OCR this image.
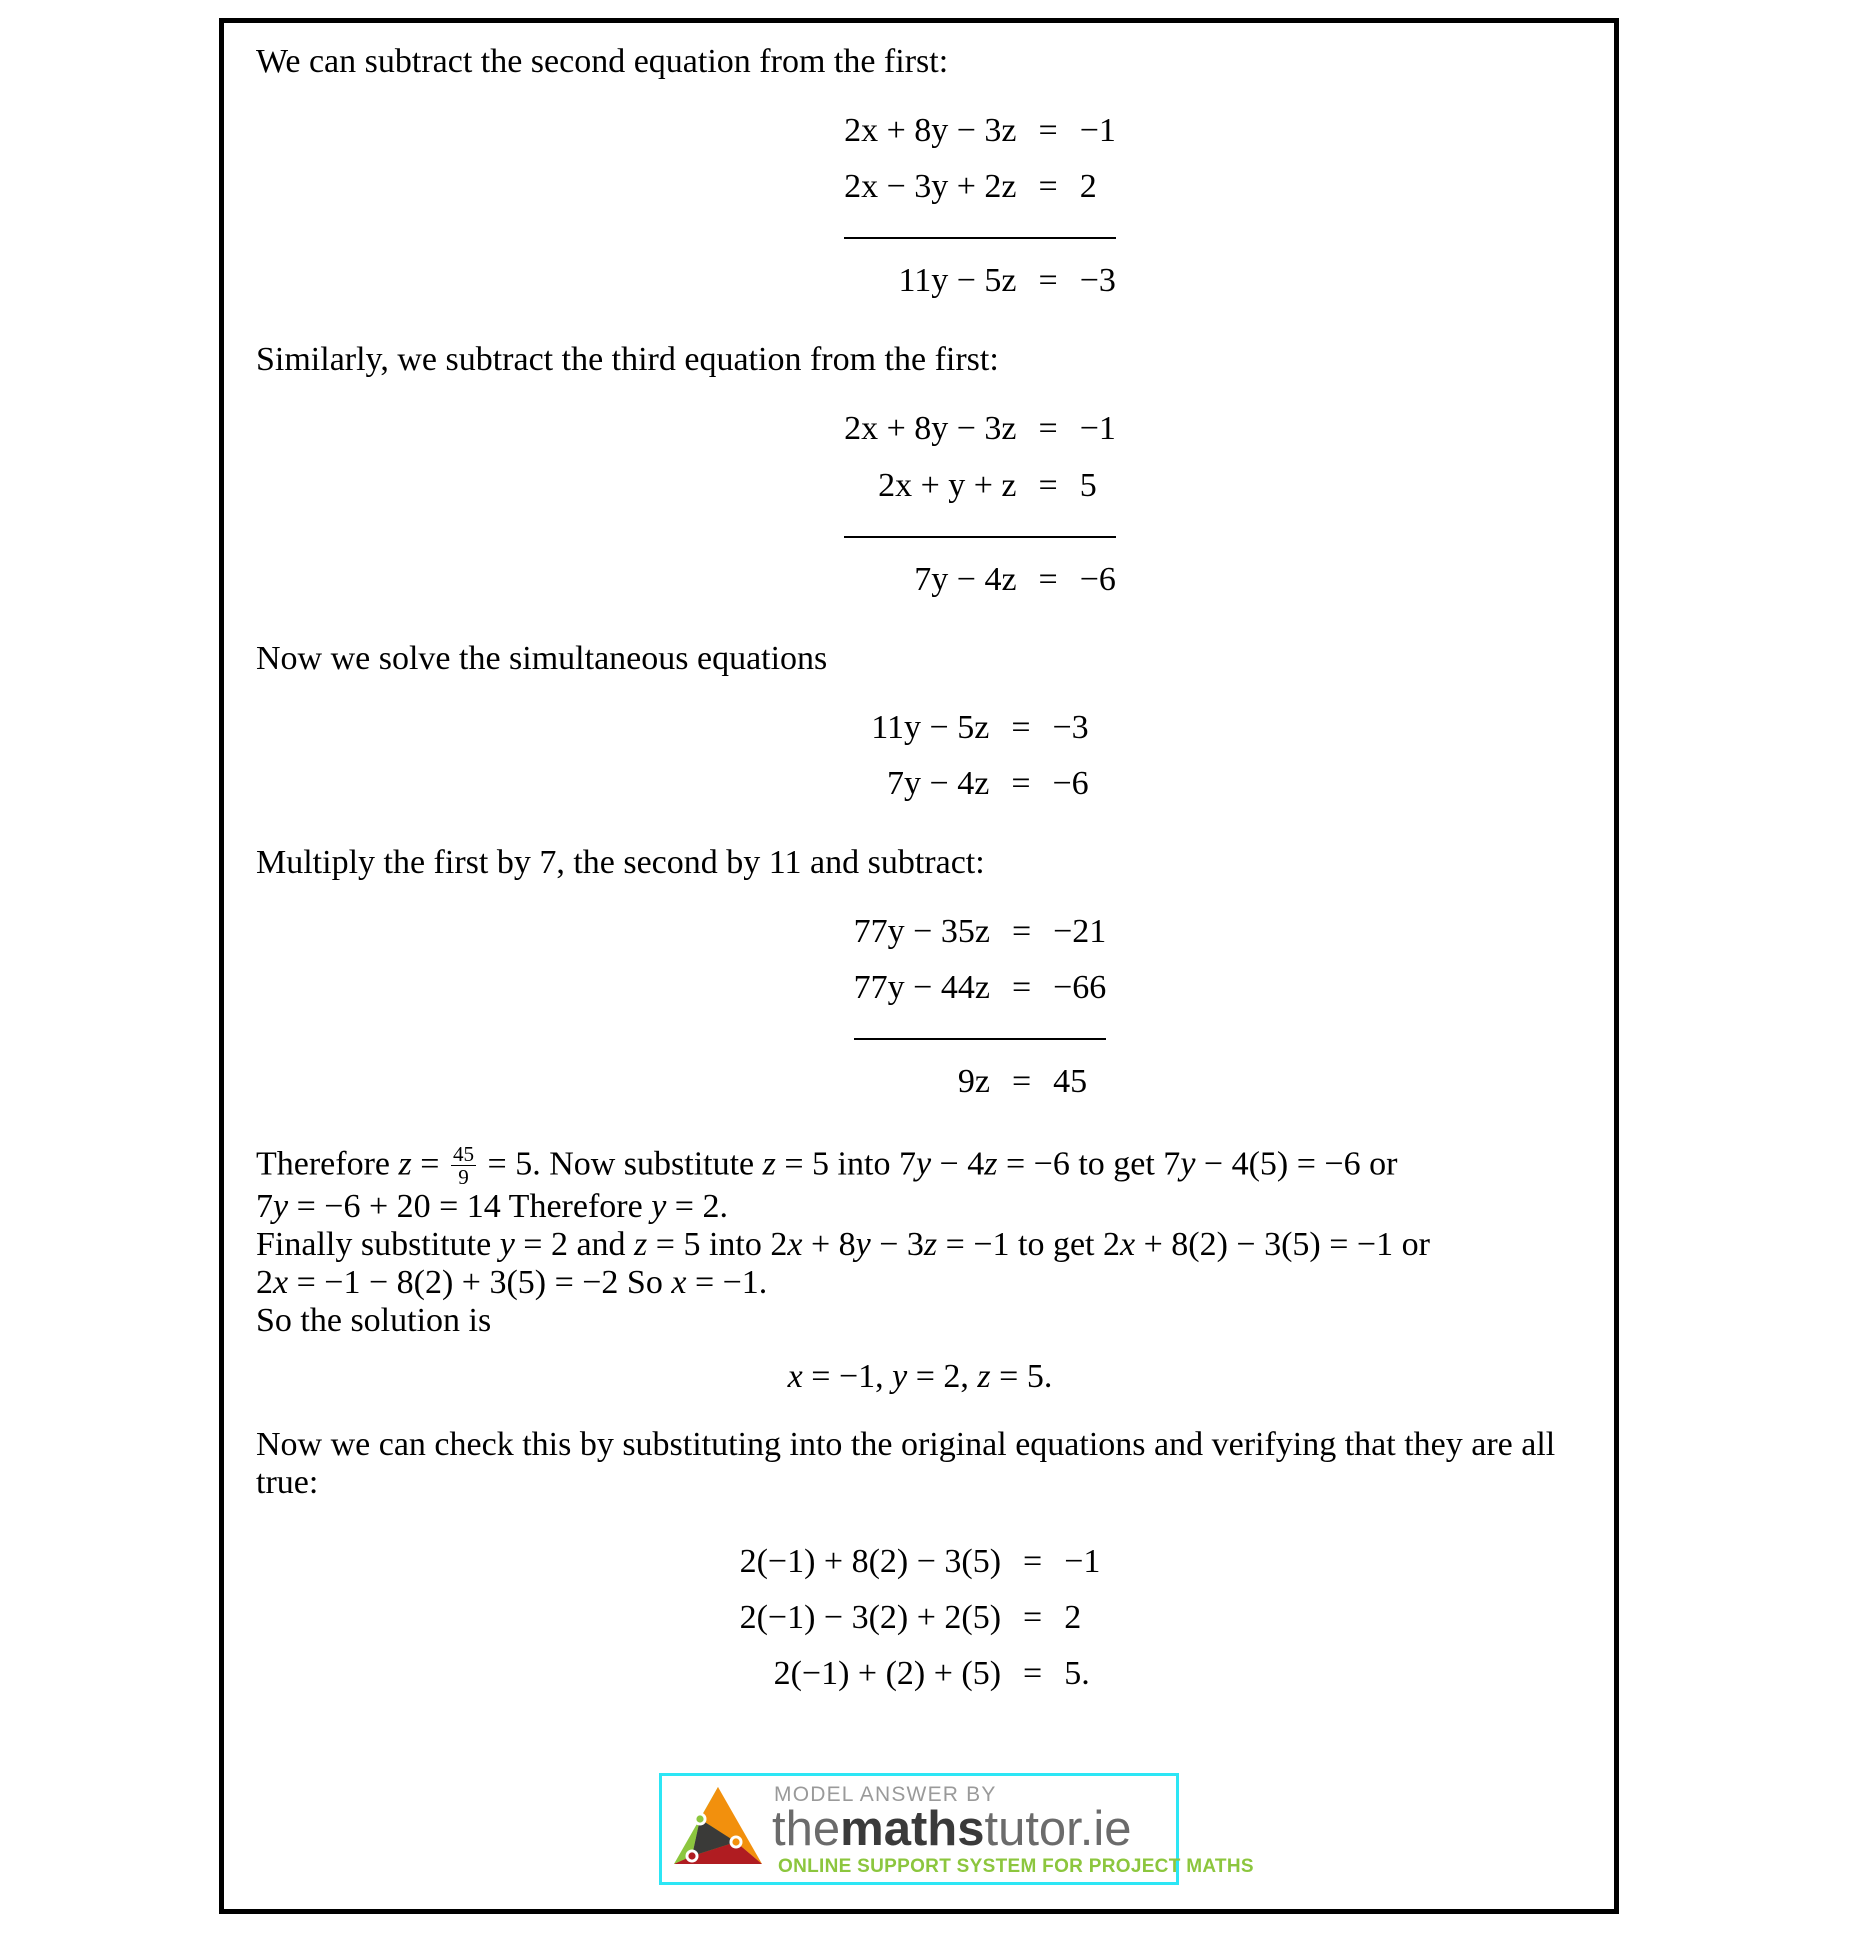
We can subtract the second equation from the first:

2x + 8y − 3z = −1
2x − 3y + 2z = 2
11y − 5z = −3

Similarly, we subtract the third equation from the first:

2x + 8y − 3z = −1
2x + y + z = 5
7y − 4z = −6

Now we solve the simultaneous equations

11y − 5z = −3
7y − 4z = −6

Multiply the first by 7, the second by 11 and subtract:

77y − 35z = −21
77y − 44z = −66
9z = 45

Therefore $z = \frac{45}{9} = 5$. Now substitute z = 5 into 7y − 4z = −6 to get 7y − 4(5) = −6 or

7y = −6 + 20 = 14 Therefore y = 2.

Finally substitute y = 2 and z = 5 into 2x + 8y − 3z = −1 to get 2x + 8(2) − 3(5) = −1 or

2x = −1 − 8(2) + 3(5) = −2 So x = −1.

So the solution is

x = −1, y = 2, z = 5.

Now we can check this by substituting into the original equations and verifying that they are all true:

2(−1) + 8(2) − 3(5) = −1
2(−1) − 3(2) + 2(5) = 2
2(−1) + (2) + (5) = 5.
MODEL ANSWER BY
themathstutor.ie
ONLINE SUPPORT SYSTEM FOR PROJECT MATHS
